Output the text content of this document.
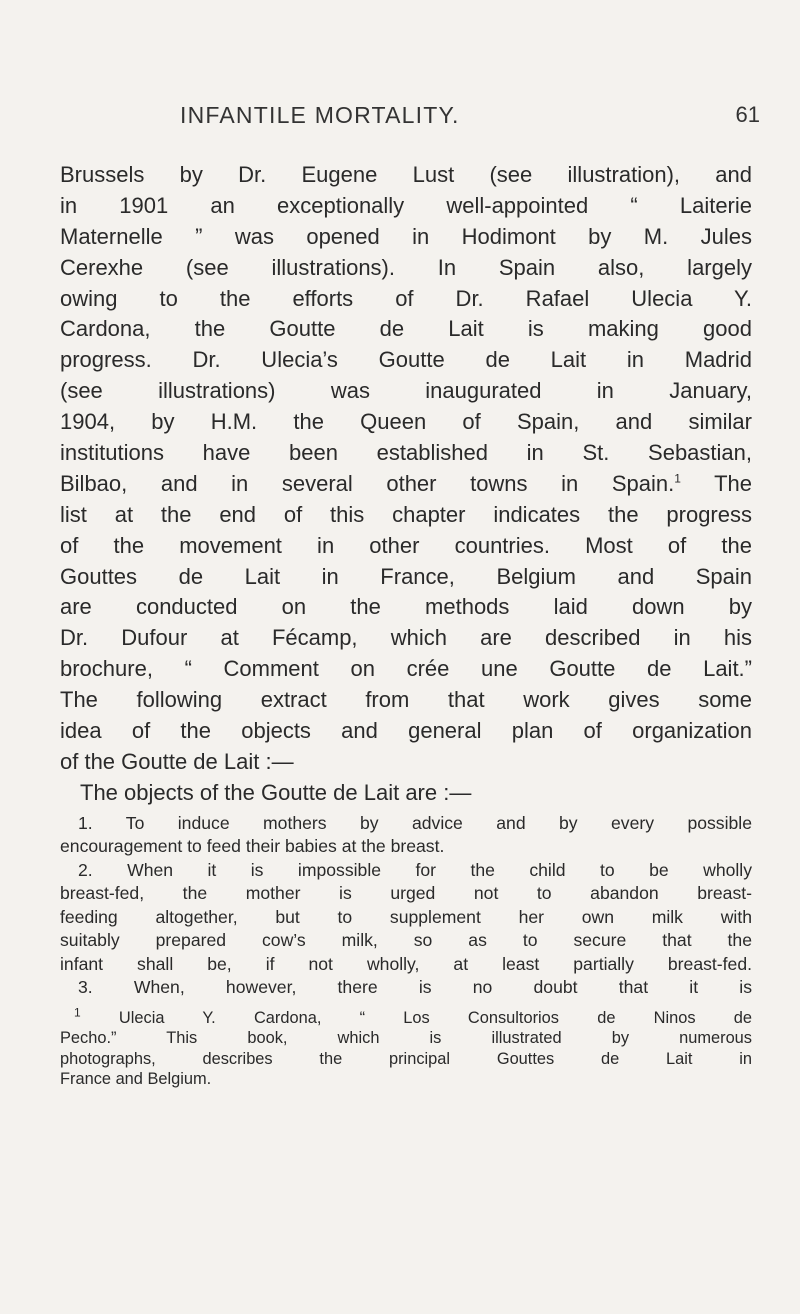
INFANTILE MORTALITY.	61
Brussels by Dr. Eugene Lust (see illustration), and
in 1901 an exceptionally well-appointed “ Laiterie
Maternelle ” was opened in Hodimont by M. Jules
Cerexhe (see illustrations). In Spain also, largely
owing to the efforts of Dr. Rafael Ulecia Y.
Cardona, the Goutte de Lait is making good
progress. Dr. Ulecia’s Goutte de Lait in Madrid
(see illustrations) was inaugurated in January,
1904, by H.M. the Queen of Spain, and similar
institutions have been established in St. Sebastian,
Bilbao, and in several other towns in Spain.$^1$ The
list at the end of this chapter indicates the progress
of the movement in other countries. Most of the
Gouttes de Lait in France, Belgium and Spain
are conducted on the methods laid down by
Dr. Dufour at Fécamp, which are described in his
brochure, “ Comment on crée une Goutte de Lait.”
The following extract from that work gives some
idea of the objects and general plan of organization
of the Goutte de Lait :—
The objects of the Goutte de Lait are :—
1. To induce mothers by advice and by every possible
encouragement to feed their babies at the breast.
2. When it is impossible for the child to be wholly
breast-fed, the mother is urged not to abandon breast-
feeding altogether, but to supplement her own milk with
suitably prepared cow’s milk, so as to secure that the
infant shall be, if not wholly, at least partially breast-fed.
3. When, however, there is no doubt that it is
$^1$ Ulecia Y. Cardona, “ Los Consultorios de Ninos de
Pecho.” This book, which is illustrated by numerous
photographs, describes the principal Gouttes de Lait in
France and Belgium.
